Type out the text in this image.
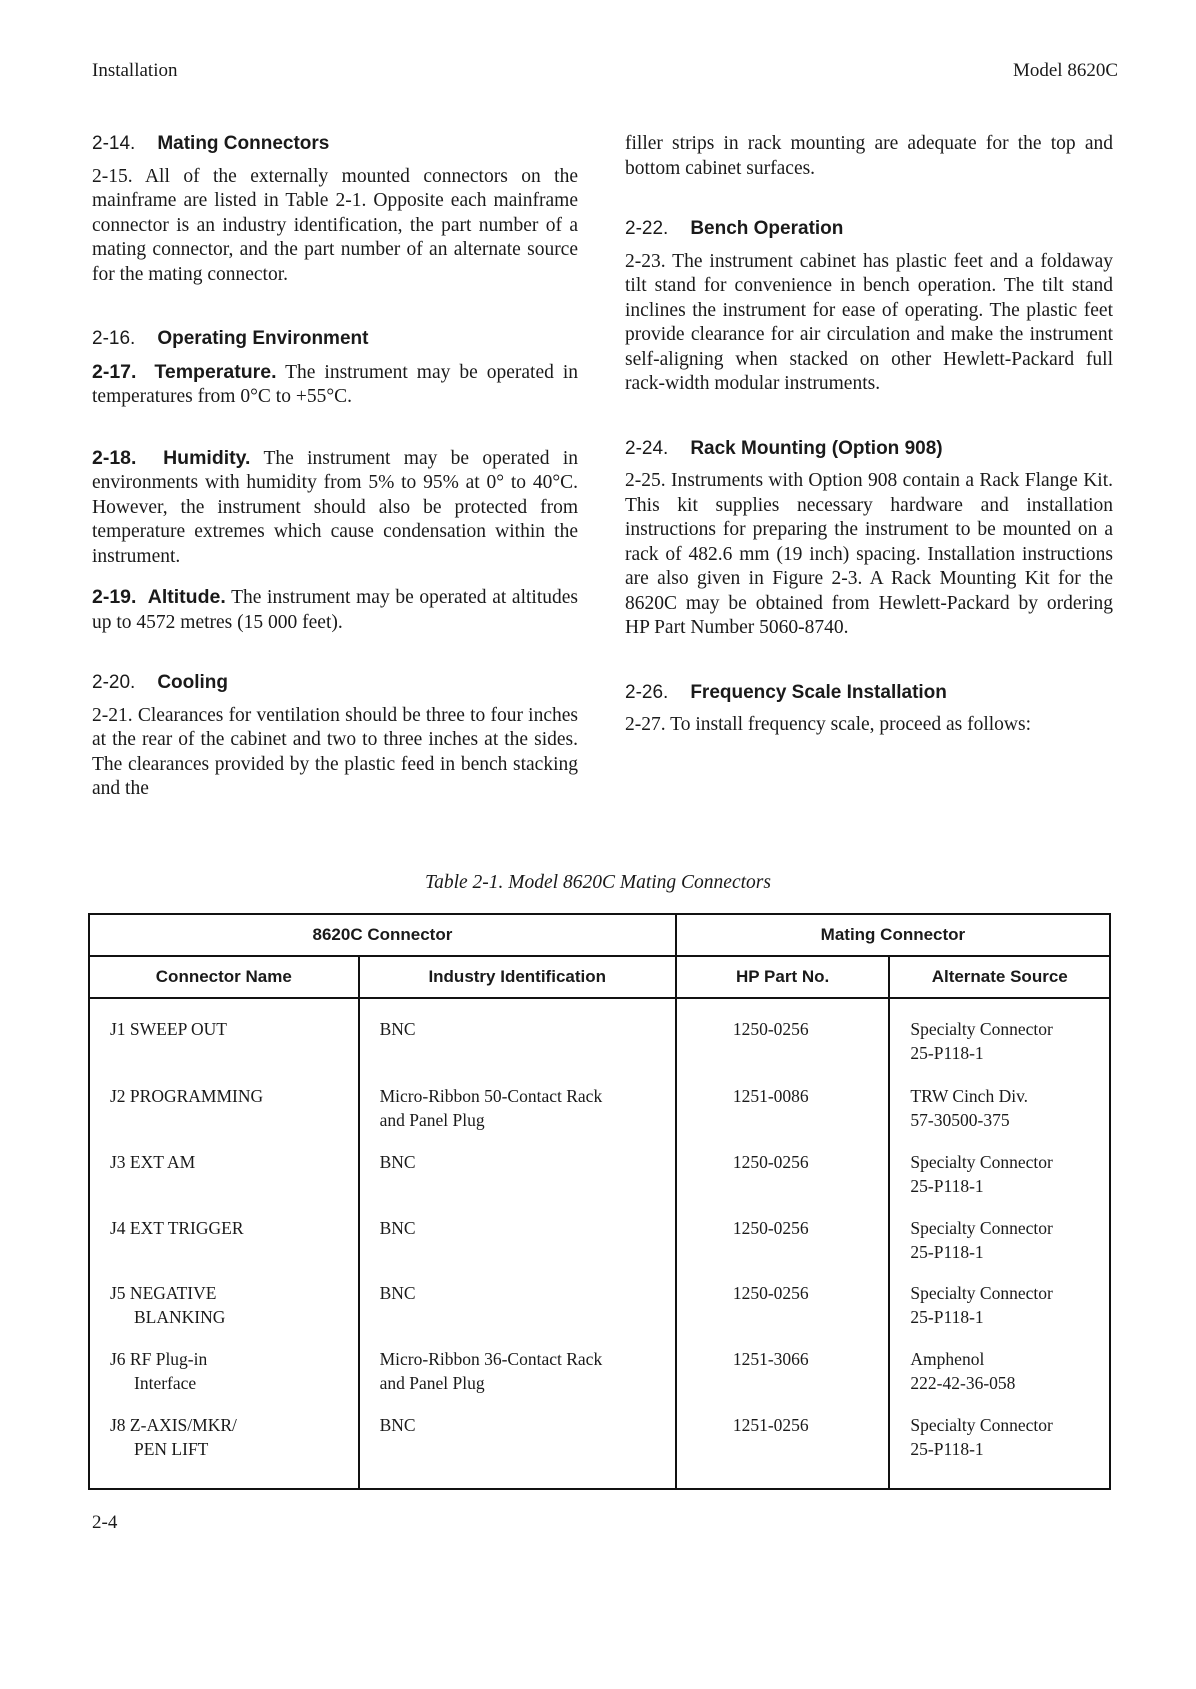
Installation	Model 8620C
2-14. Mating Connectors

2-15. All of the externally mounted connectors on the mainframe are listed in Table 2-1. Opposite each mainframe connector is an industry identification, the part number of a mating connector, and the part number of an alternate source for the mating connector.

2-16. Operating Environment

2-17. Temperature. The instrument may be operated in temperatures from 0°C to +55°C.

2-18. Humidity. The instrument may be operated in environments with humidity from 5% to 95% at 0° to 40°C. However, the instrument should also be protected from temperature extremes which cause condensation within the instrument.

2-19. Altitude. The instrument may be operated at altitudes up to 4572 metres (15 000 feet).

2-20. Cooling

2-21. Clearances for ventilation should be three to four inches at the rear of the cabinet and two to three inches at the sides. The clearances provided by the plastic feed in bench stacking and the

filler strips in rack mounting are adequate for the top and bottom cabinet surfaces.

2-22. Bench Operation

2-23. The instrument cabinet has plastic feet and a foldaway tilt stand for convenience in bench operation. The tilt stand inclines the instrument for ease of operating. The plastic feet provide clearance for air circulation and make the instrument self-aligning when stacked on other Hewlett-Packard full rack-width modular instruments.

2-24. Rack Mounting (Option 908)

2-25. Instruments with Option 908 contain a Rack Flange Kit. This kit supplies necessary hardware and installation instructions for preparing the instrument to be mounted on a rack of 482.6 mm (19 inch) spacing. Installation instructions are also given in Figure 2-3. A Rack Mounting Kit for the 8620C may be obtained from Hewlett-Packard by ordering HP Part Number 5060-8740.

2-26. Frequency Scale Installation

2-27. To install frequency scale, proceed as follows:

Table 2-1. Model 8620C Mating Connectors
8620C Connector		Mating Connector	
Connector Name	Industry Identification	HP Part No.	Alternate Source

J1 SWEEP OUT	BNC	1250-0256	Specialty Connector
25-P118-1

J2 PROGRAMMING	Micro-Ribbon 50-Contact Rack
and Panel Plug	1251-0086	TRW Cinch Div.
57-30500-375

J3 EXT AM	BNC	1250-0256	Specialty Connector
25-P118-1

J4 EXT TRIGGER	BNC	1250-0256	Specialty Connector
25-P118-1

J5 NEGATIVE
BLANKING	BNC	1250-0256	Specialty Connector
25-P118-1

J6 RF Plug-in
Interface	Micro-Ribbon 36-Contact Rack
and Panel Plug	1251-3066	Amphenol
222-42-36-058

J8 Z-AXIS/MKR/
PEN LIFT	BNC	1251-0256	Specialty Connector
25-P118-1

2-4
